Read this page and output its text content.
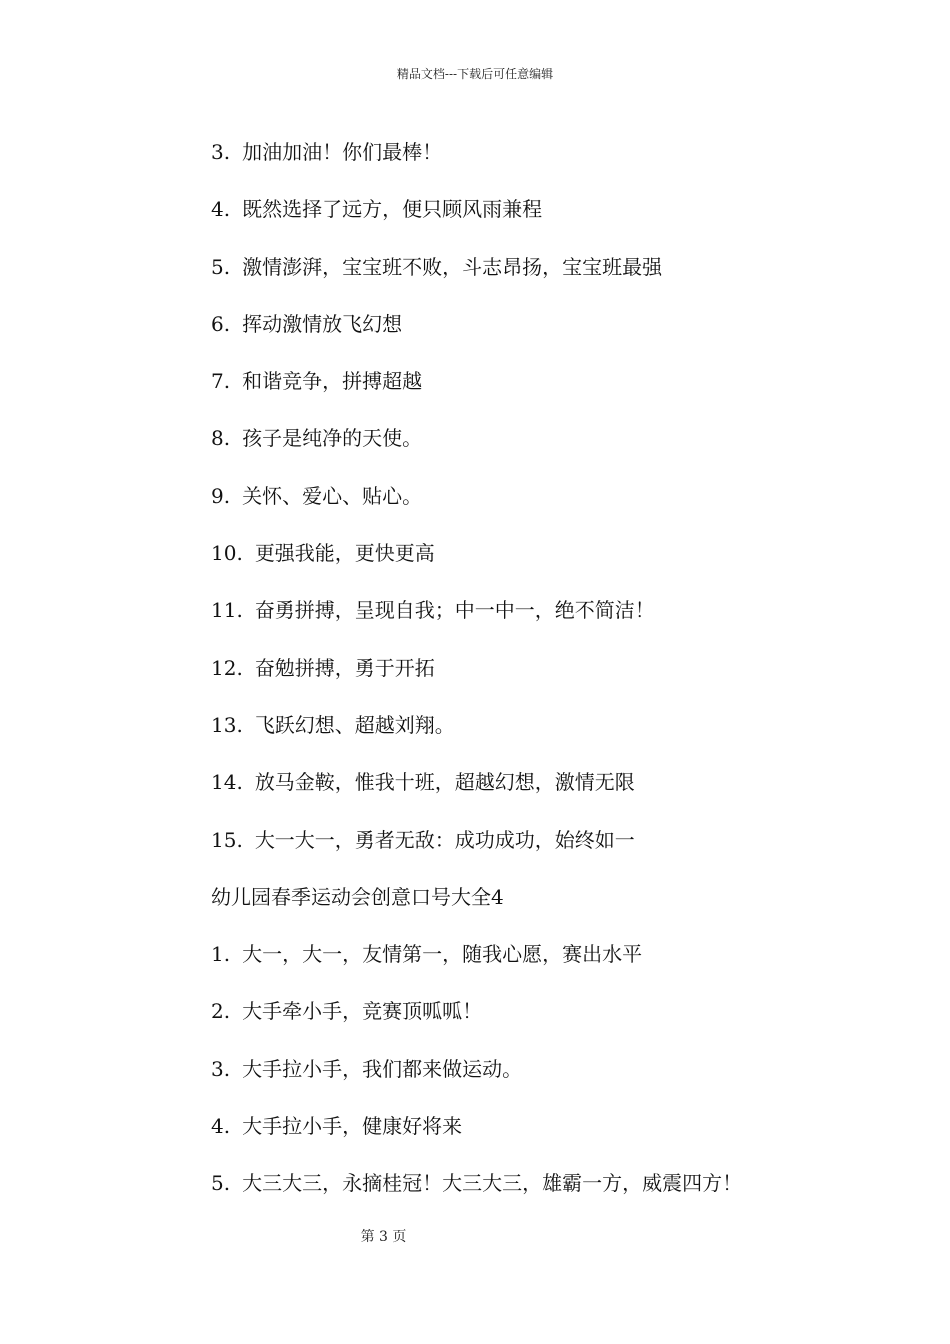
精品文档---下载后可任意编辑
3. 加油加油！你们最棒！
4. 既然选择了远方，便只顾风雨兼程
5. 激情澎湃，宝宝班不败，斗志昂扬，宝宝班最强
6. 挥动激情放飞幻想
7. 和谐竞争，拼搏超越
8. 孩子是纯净的天使。
9. 关怀、爱心、贴心。
10. 更强我能，更快更高
11. 奋勇拼搏，呈现自我；中一中一，绝不简洁！
12. 奋勉拼搏，勇于开拓
13. 飞跃幻想、超越刘翔。
14. 放马金鞍，惟我十班，超越幻想，激情无限
15. 大一大一，勇者无敌：成功成功，始终如一
幼儿园春季运动会创意口号大全4
1. 大一，大一，友情第一，随我心愿，赛出水平
2. 大手牵小手，竞赛顶呱呱！
3. 大手拉小手，我们都来做运动。
4. 大手拉小手，健康好将来
5. 大三大三，永摘桂冠！大三大三，雄霸一方，威震四方！
第 3 页
